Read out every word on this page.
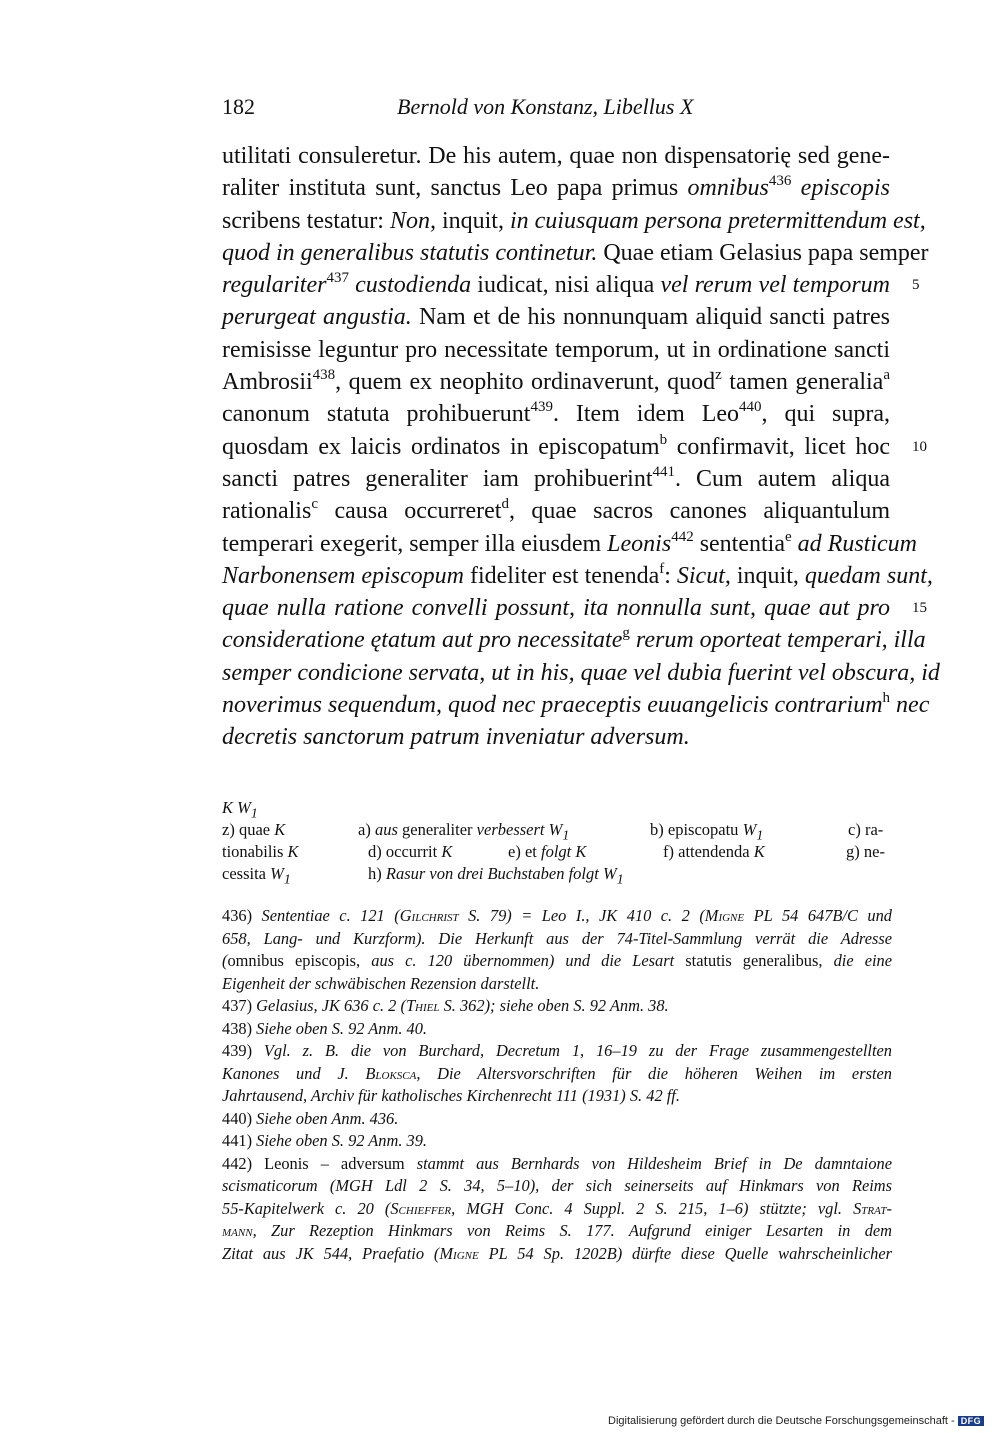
182	Bernold von Konstanz, Libellus X
utilitati consuleretur. De his autem, quae non dispensatorię sed gene-
raliter instituta sunt, sanctus Leo papa primus omnibus$^{436}$ episcopis
scribens testatur: Non, inquit, in cuiusquam persona pretermittendum est,
quod in generalibus statutis continetur. Quae etiam Gelasius papa semper
regulariter$^{437}$ custodienda iudicat, nisi aliqua vel rerum vel temporum 5
perurgeat angustia. Nam et de his nonnunquam aliquid sancti patres
remisisse leguntur pro necessitate temporum, ut in ordinatione sancti
Ambrosii$^{438}$, quem ex neophito ordinaverunt, quod$^z$ tamen generalia$^a$
canonum statuta prohibuerunt$^{439}$. Item idem Leo$^{440}$, qui supra,
quosdam ex laicis ordinatos in episcopatum$^b$ confirmavit, licet hoc 10
sancti patres generaliter iam prohibuerint$^{441}$. Cum autem aliqua
rationalis$^c$ causa occurreret$^d$, quae sacros canones aliquantulum
temperari exegerit, semper illa eiusdem Leonis$^{442}$ sententia$^e$ ad Rusticum
Narbonensem episcopum fideliter est tenenda$^f$: Sicut, inquit, quedam sunt,
quae nulla ratione convelli possunt, ita nonnulla sunt, quae aut pro 15
consideratione ętatum aut pro necessitate$^g$ rerum oporteat temperari, illa
semper condicione servata, ut in his, quae vel dubia fuerint vel obscura, id
noverimus sequendum, quod nec praeceptis euuangelicis contrarium$^h$ nec
decretis sanctorum patrum inveniatur adversum.
K $W_1$
z) quae K	a) aus generaliter verbessert $W_1$	b) episcopatu $W_1$	c) ra-
tionabilis K	d) occurrit K	e) et folgt K	f) attendenda K	g) ne-
cessita $W_1$	h) Rasur von drei Buchstaben folgt $W_1$
436) Sententiae c. 121 (Gilchrist S. 79) = Leo I., JK 410 c. 2 (Migne PL 54 647B/C und
658, Lang- und Kurzform). Die Herkunft aus der 74-Titel-Sammlung verrät die Adresse
(omnibus episcopis, aus c. 120 übernommen) und die Lesart statutis generalibus, die eine
Eigenheit der schwäbischen Rezension darstellt.
437) Gelasius, JK 636 c. 2 (Thiel S. 362); siehe oben S. 92 Anm. 38.
438) Siehe oben S. 92 Anm. 40.
439) Vgl. z. B. die von Burchard, Decretum 1, 16–19 zu der Frage zusammengestellten
Kanones und J. Bloksca, Die Altersvorschriften für die höheren Weihen im ersten
Jahrtausend, Archiv für katholisches Kirchenrecht 111 (1931) S. 42 ff.
440) Siehe oben Anm. 436.
441) Siehe oben S. 92 Anm. 39.
442) Leonis – adversum stammt aus Bernhards von Hildesheim Brief in De damntaione
scismaticorum (MGH Ldl 2 S. 34, 5–10), der sich seinerseits auf Hinkmars von Reims
55-Kapitelwerk c. 20 (Schieffer, MGH Conc. 4 Suppl. 2 S. 215, 1–6) stützte; vgl. Strat-
mann, Zur Rezeption Hinkmars von Reims S. 177. Aufgrund einiger Lesarten in dem
Zitat aus JK 544, Praefatio (Migne PL 54 Sp. 1202B) dürfte diese Quelle wahrscheinlicher
Digitalisierung gefördert durch die Deutsche Forschungsgemeinschaft - DFG
